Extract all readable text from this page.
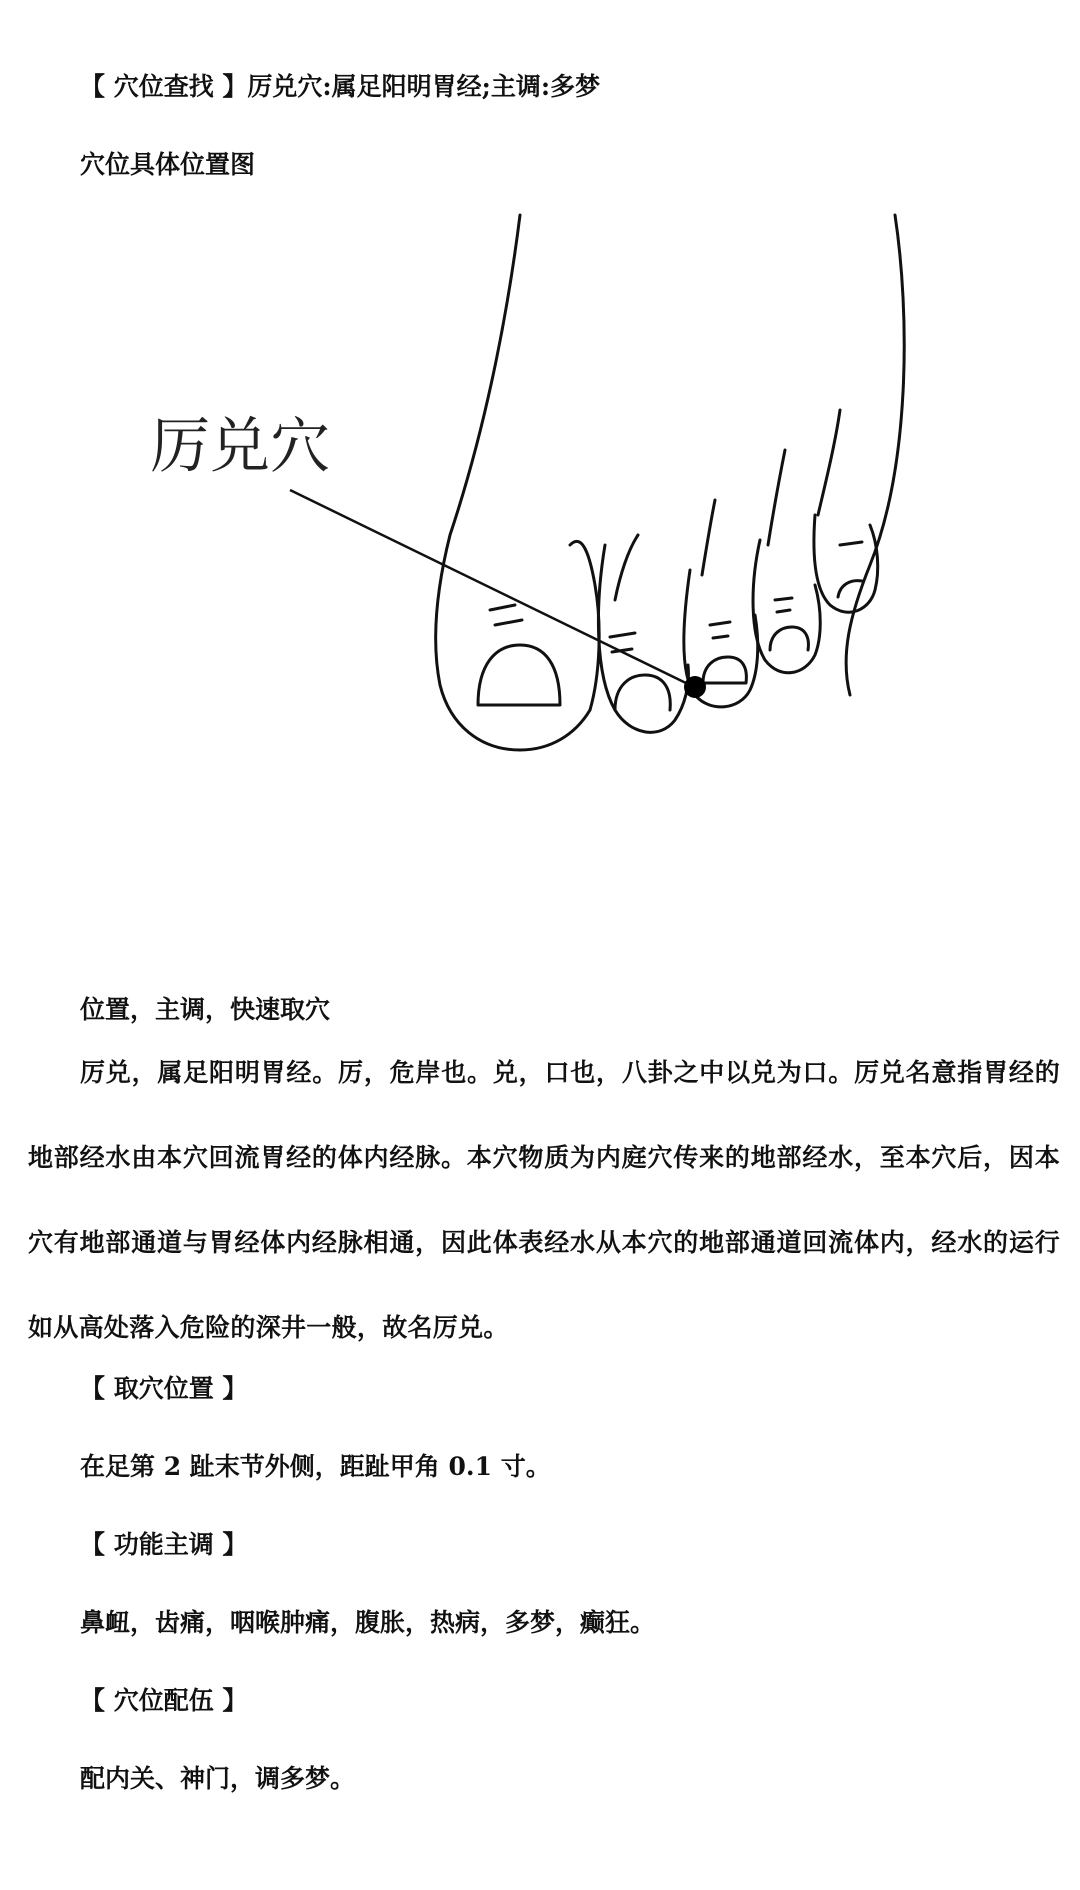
【 穴位查找 】厉兑穴:属足阳明胃经;主调:多梦
穴位具体位置图
厉兑穴
位置，主调，快速取穴
厉兑，属足阳明胃经。厉，危岸也。兑，口也，八卦之中以兑为口。厉兑名意指胃经的地部经水由本穴回流胃经的体内经脉。本穴物质为内庭穴传来的地部经水，至本穴后，因本穴有地部通道与胃经体内经脉相通，因此体表经水从本穴的地部通道回流体内，经水的运行如从高处落入危险的深井一般，故名厉兑。
【 取穴位置 】
在足第 2 趾末节外侧，距趾甲角 0.1 寸。
【 功能主调 】
鼻衄，齿痛，咽喉肿痛，腹胀，热病，多梦，癫狂。
【 穴位配伍 】
配内关、神门，调多梦。
